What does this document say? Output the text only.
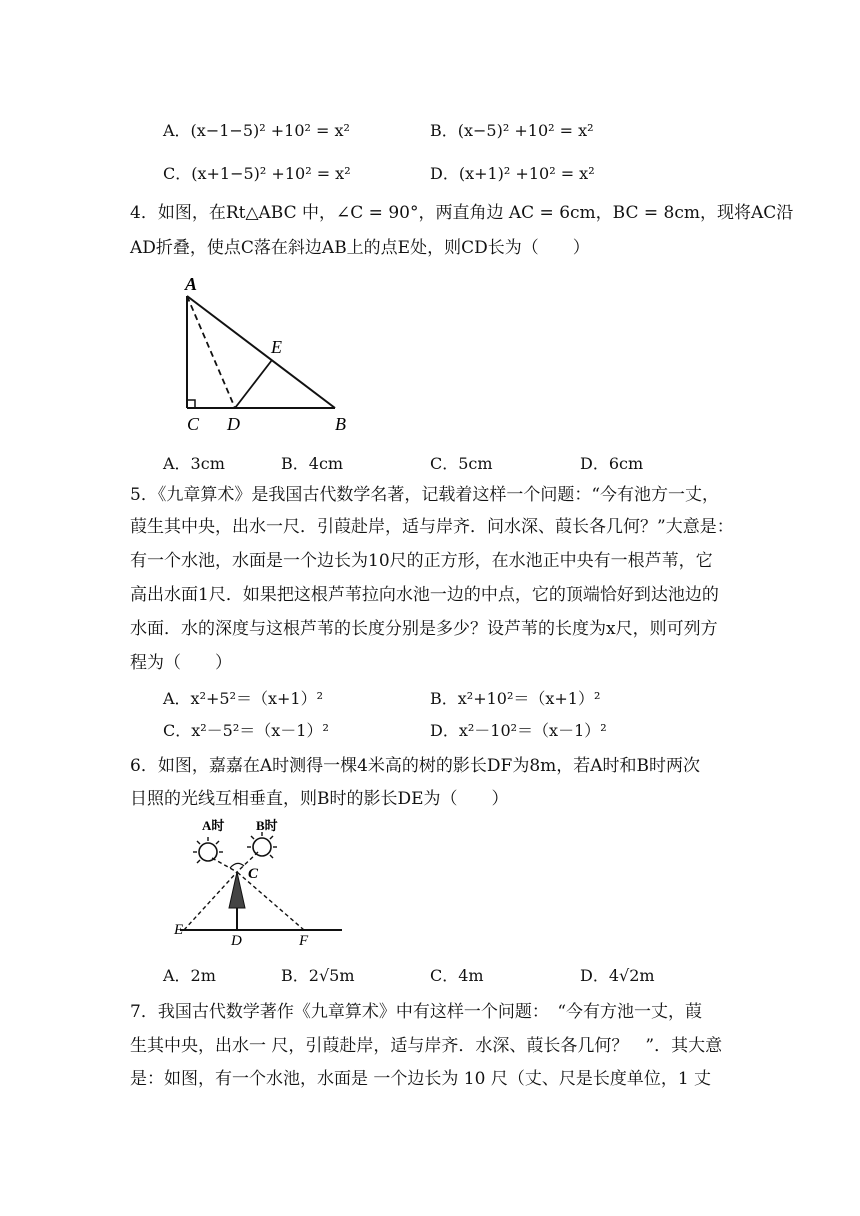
A．(x−1−5)² +10² = x²	B．(x−5)² +10² = x²
C．(x+1−5)² +10² = x²	D．(x+1)² +10² = x²
4．如图，在Rt△ABC 中，∠C = 90°，两直角边 AC = 6cm，BC = 8cm，现将AC沿
AD折叠，使点C落在斜边AB上的点E处，则CD长为（　　）
A
E
C D	B
A．3cm	B．4cm	C．5cm	D．6cm
5．《九章算术》是我国古代数学名著，记载着这样一个问题：“今有池方一丈，
葭生其中央，出水一尺．引葭赴岸，适与岸齐．问水深、葭长各几何？”大意是：
有一个水池，水面是一个边长为10尺的正方形，在水池正中央有一根芦苇，它
高出水面1尺．如果把这根芦苇拉向水池一边的中点，它的顶端恰好到达池边的
水面．水的深度与这根芦苇的长度分别是多少？设芦苇的长度为x尺，则可列方
程为（　　）
A．x²+5²＝（x+1）²	B．x²+10²＝（x+1）²
C．x²－5²＝（x－1）²	D．x²－10²＝（x－1）²
6．如图，嘉嘉在A时测得一棵4米高的树的影长DF为8m，若A时和B时两次
日照的光线互相垂直，则B时的影长DE为（　　）
A时 B时
C
E
D	F
A．2m	B．2√5m	C．4m	D．4√2m
7．我国古代数学著作《九章算术》中有这样一个问题：　“今有方池一丈，葭
生其中央，出水一 尺，引葭赴岸，适与岸齐．水深、葭长各几何？　”．其大意
是：如图，有一个水池，水面是 一个边长为 10 尺（丈、尺是长度单位，1 丈
